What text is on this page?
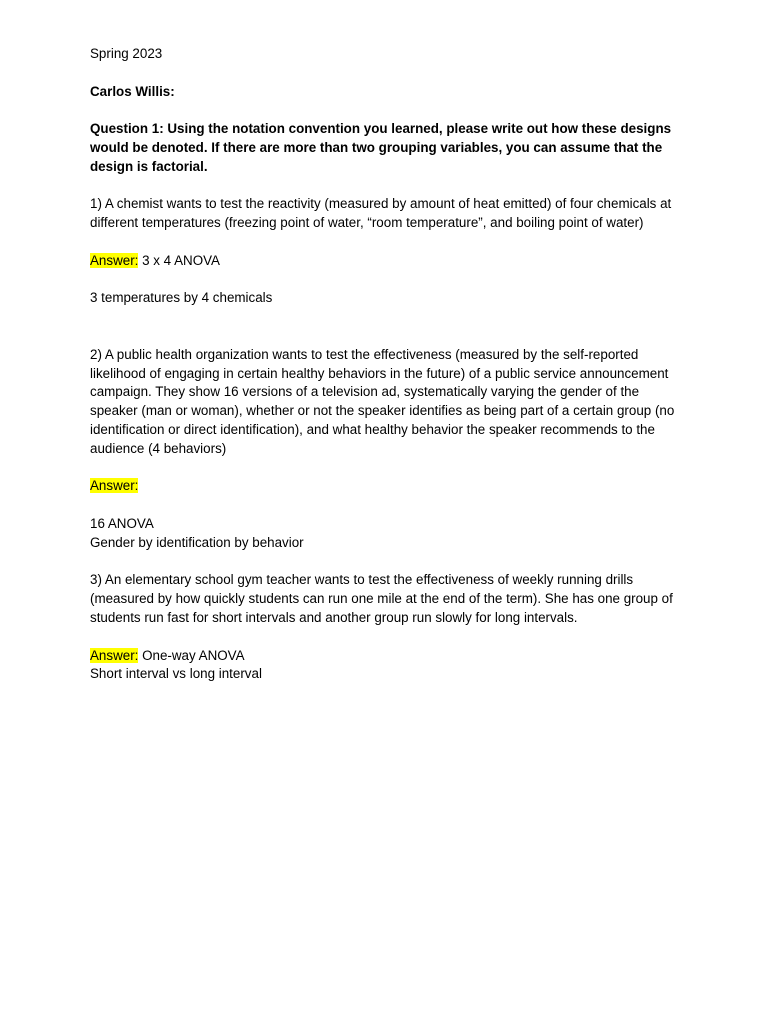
Spring 2023

Carlos Willis:

Question 1: Using the notation convention you learned, please write out how these designs would be denoted. If there are more than two grouping variables, you can assume that the design is factorial.

1) A chemist wants to test the reactivity (measured by amount of heat emitted) of four chemicals at different temperatures (freezing point of water, “room temperature”, and boiling point of water)

Answer: 3 x 4 ANOVA

3 temperatures by 4 chemicals

2) A public health organization wants to test the effectiveness (measured by the self-reported likelihood of engaging in certain healthy behaviors in the future) of a public service announcement campaign. They show 16 versions of a television ad, systematically varying the gender of the speaker (man or woman), whether or not the speaker identifies as being part of a certain group (no identification or direct identification), and what healthy behavior the speaker recommends to the audience (4 behaviors)

Answer:

16 ANOVA

Gender by identification by behavior

3) An elementary school gym teacher wants to test the effectiveness of weekly running drills (measured by how quickly students can run one mile at the end of the term). She has one group of students run fast for short intervals and another group run slowly for long intervals.

Answer: One-way ANOVA

Short interval vs long interval
